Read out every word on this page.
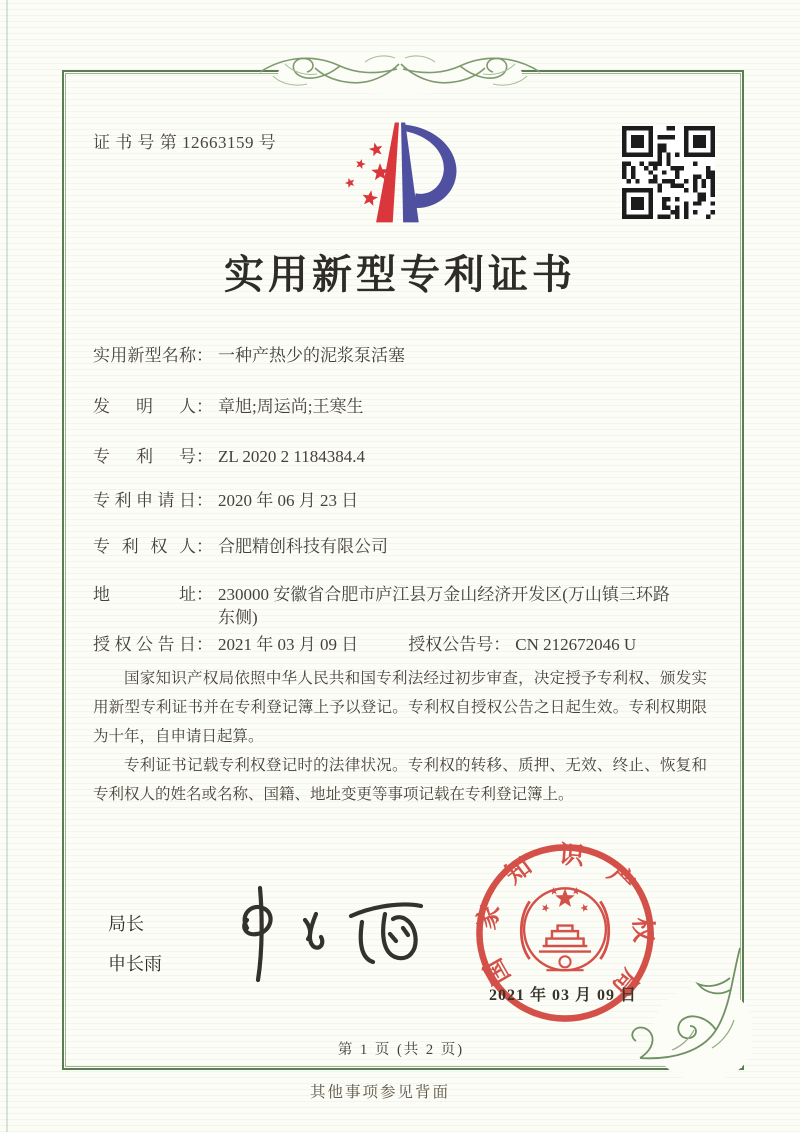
证 书 号 第 12663159 号
实用新型专利证书
实用新型名称： 一种产热少的泥浆泵活塞
发明人： 章旭;周运尚;王寒生
专利号： ZL 2020 2 1184384.4
专利申请日： 2020 年 06 月 23 日
专利权人： 合肥精创科技有限公司
地址： 230000 安徽省合肥市庐江县万金山经济开发区(万山镇三环路东侧)
授权公告日： 2021 年 03 月 09 日	授权公告号： CN 212672046 U

国家知识产权局依照中华人民共和国专利法经过初步审查，决定授予专利权、颁发实用新型专利证书并在专利登记簿上予以登记。专利权自授权公告之日起生效。专利权期限为十年，自申请日起算。

专利证书记载专利权登记时的法律状况。专利权的转移、质押、无效、终止、恢复和专利权人的姓名或名称、国籍、地址变更等事项记载在专利登记簿上。

局长
申长雨	国家知识产权局
2021 年 03 月 09 日
第 1 页 (共 2 页)
其他事项参见背面
